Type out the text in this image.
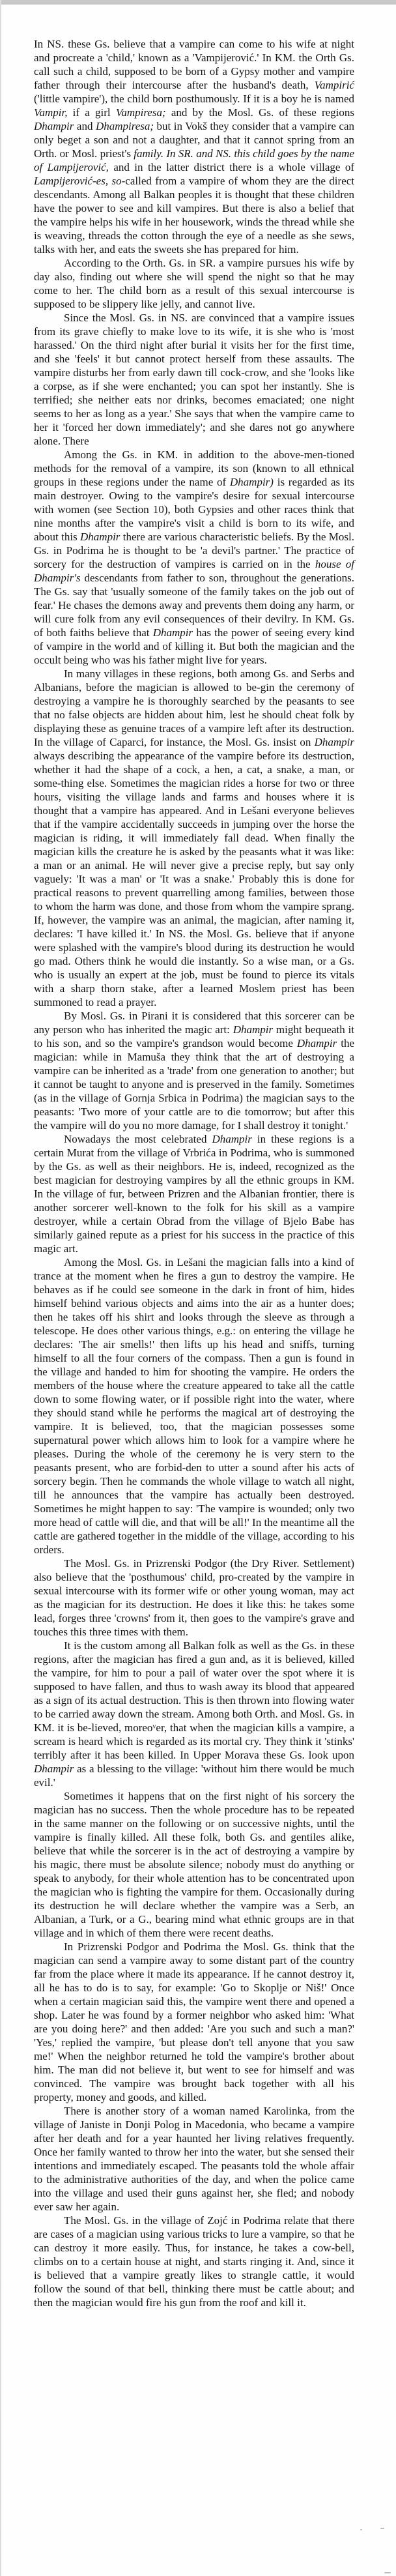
In NS. these Gs. believe that a vampire can come to his wife at night and procreate a 'child,' known as a 'Vampijerović.' In KM. the Orth Gs. call such a child, supposed to be born of a Gypsy mother and vampire father through their intercourse after the husband's death, Vampirić ('little vampire'), the child born posthumously. If it is a boy he is named Vampir, if a girl Vampiresa; and by the Mosl. Gs. of these regions Dhampir and Dhampiresa; but in Vokš they consider that a vampire can only beget a son and not a daughter, and that it cannot spring from an Orth. or Mosl. priest's family. In SR. and NS. this child goes by the name of Lampijerović, and in the latter district there is a whole village of Lampijerović-es, so-called from a vampire of whom they are the direct descendants. Among all Balkan peoples it is thought that these children have the power to see and kill vampires. But there is also a belief that the vampire helps his wife in her housework, winds the thread while she is weaving, threads the cotton through the eye of a needle as she sews, talks with her, and eats the sweets she has prepared for him.

According to the Orth. Gs. in SR. a vampire pursues his wife by day also, finding out where she will spend the night so that he may come to her. The child born as a result of this sexual intercourse is supposed to be slippery like jelly, and cannot live.

Since the Mosl. Gs. in NS. are convinced that a vampire issues from its grave chiefly to make love to its wife, it is she who is 'most harassed.' On the third night after burial it visits her for the first time, and she 'feels' it but cannot protect herself from these assaults. The vampire disturbs her from early dawn till cock-crow, and she 'looks like a corpse, as if she were enchanted; you can spot her instantly. She is terrified; she neither eats nor drinks, becomes emaciated; one night seems to her as long as a year.' She says that when the vampire came to her it 'forced her down immediately'; and she dares not go anywhere alone. There

Among the Gs. in KM. in addition to the above-men-tioned methods for the removal of a vampire, its son (known to all ethnical groups in these regions under the name of Dhampir) is regarded as its main destroyer. Owing to the vampire's desire for sexual intercourse with women (see Section 10), both Gypsies and other races think that nine months after the vampire's visit a child is born to its wife, and about this Dhampir there are various characteristic beliefs. By the Mosl. Gs. in Podrima he is thought to be 'a devil's partner.' The practice of sorcery for the destruction of vampires is carried on in the house of Dhampir's descendants from father to son, throughout the generations. The Gs. say that 'usually someone of the family takes on the job out of fear.' He chases the demons away and prevents them doing any harm, or will cure folk from any evil consequences of their devilry. In KM. Gs. of both faiths believe that Dhampir has the power of seeing every kind of vampire in the world and of killing it. But both the magician and the occult being who was his father might live for years.

In many villages in these regions, both among Gs. and Serbs and Albanians, before the magician is allowed to be-gin the ceremony of destroying a vampire he is thoroughly searched by the peasants to see that no false objects are hidden about him, lest he should cheat folk by displaying these as genuine traces of a vampire left after its destruction. In the village of Caparci, for instance, the Mosl. Gs. insist on Dhampir always describing the appearance of the vampire before its destruction, whether it had the shape of a cock, a hen, a cat, a snake, a man, or some-thing else. Sometimes the magician rides a horse for two or three hours, visiting the village lands and farms and houses where it is thought that a vampire has appeared. And in Lešani everyone believes that if the vampire accidentally succeeds in jumping over the horse the magician is riding, it will immediately fall dead. When finally the magician kills the creature he is asked by the peasants what it was like: a man or an animal. He will never give a precise reply, but say only vaguely: 'It was a man' or 'It was a snake.' Probably this is done for practical reasons to prevent quarrelling among families, between those to whom the harm was done, and those from whom the vampire sprang. If, however, the vampire was an animal, the magician, after naming it, declares: 'I have killed it.' In NS. the Mosl. Gs. believe that if anyone were splashed with the vampire's blood during its destruction he would go mad. Others think he would die instantly. So a wise man, or a Gs. who is usually an expert at the job, must be found to pierce its vitals with a sharp thorn stake, after a learned Moslem priest has been summoned to read a prayer.

By Mosl. Gs. in Pirani it is considered that this sorcerer can be any person who has inherited the magic art: Dhampir might bequeath it to his son, and so the vampire's grandson would become Dhampir the magician: while in Mamuša they think that the art of destroying a vampire can be inherited as a 'trade' from one generation to another; but it cannot be taught to anyone and is preserved in the family. Sometimes (as in the village of Gornja Srbica in Podrima) the magician says to the peasants: 'Two more of your cattle are to die tomorrow; but after this the vampire will do you no more damage, for I shall destroy it tonight.'

Nowadays the most celebrated Dhampir in these regions is a certain Murat from the village of Vrbrića in Podrima, who is summoned by the Gs. as well as their neighbors. He is, indeed, recognized as the best magician for destroying vampires by all the ethnic groups in KM. In the village of fur, between Prizren and the Albanian frontier, there is another sorcerer well-known to the folk for his skill as a vampire destroyer, while a certain Obrad from the village of Bjelo Babe has similarly gained repute as a priest for his success in the practice of this magic art.

Among the Mosl. Gs. in Lešani the magician falls into a kind of trance at the moment when he fires a gun to destroy the vampire. He behaves as if he could see someone in the dark in front of him, hides himself behind various objects and aims into the air as a hunter does; then he takes off his shirt and looks through the sleeve as through a telescope. He does other various things, e.g.: on entering the village he declares: 'The air smells!' then lifts up his head and sniffs, turning himself to all the four corners of the compass. Then a gun is found in the village and handed to him for shooting the vampire. He orders the members of the house where the creature appeared to take all the cattle down to some flowing water, or if possible right into the water, where they should stand while he performs the magical art of destroying the vampire. It is believed, too, that the magician possesses some supernatural power which allows him to look for a vampire where he pleases. During the whole of the ceremony he is very stern to the peasants present, who are forbid-den to utter a sound after his acts of sorcery begin. Then he commands the whole village to watch all night, till he announces that the vampire has actually been destroyed. Sometimes he might happen to say: 'The vampire is wounded; only two more head of cattle will die, and that will be all!' In the meantime all the cattle are gathered together in the middle of the village, according to his orders.

The Mosl. Gs. in Prizrenski Podgor (the Dry River. Settlement) also believe that the 'posthumous' child, pro-created by the vampire in sexual intercourse with its former wife or other young woman, may act as the magician for its destruction. He does it like this: he takes some lead, forges three 'crowns' from it, then goes to the vampire's grave and touches this three times with them.

It is the custom among all Balkan folk as well as the Gs. in these regions, after the magician has fired a gun and, as it is believed, killed the vampire, for him to pour a pail of water over the spot where it is supposed to have fallen, and thus to wash away its blood that appeared as a sign of its actual destruction. This is then thrown into flowing water to be carried away down the stream. Among both Orth. and Mosl. Gs. in KM. it is be-lieved, moreoᵛer, that when the magician kills a vampire, a scream is heard which is regarded as its mortal cry. They think it 'stinks' terribly after it has been killed. In Upper Morava these Gs. look upon Dhampir as a blessing to the village: 'without him there would be much evil.'

Sometimes it happens that on the first night of his sorcery the magician has no success. Then the whole procedure has to be repeated in the same manner on the following or on successive nights, until the vampire is finally killed. All these folk, both Gs. and gentiles alike, believe that while the sorcerer is in the act of destroying a vampire by his magic, there must be absolute silence; nobody must do anything or speak to anybody, for their whole attention has to be concentrated upon the magician who is fighting the vampire for them. Occasionally during its destruction he will declare whether the vampire was a Serb, an Albanian, a Turk, or a G., bearing mind what ethnic groups are in that village and in which of them there were recent deaths.

In Prizrenski Podgor and Podrima the Mosl. Gs. think that the magician can send a vampire away to some distant part of the country far from the place where it made its appearance. If he cannot destroy it, all he has to do is to say, for example: 'Go to Skoplje or Niš!' Once when a certain magician said this, the vampire went there and opened a shop. Later he was found by a former neighbor who asked him: 'What are you doing here?' and then added: 'Are you such and such a man?' 'Yes,' replied the vampire, 'but please don't tell anyone that you saw me!' When the neighbor returned he told the vampire's brother about him. The man did not believe it, but went to see for himself and was convinced. The vampire was brought back together with all his property, money and goods, and killed.

There is another story of a woman named Karolinka, from the village of Janiste in Donji Polog in Macedonia, who became a vampire after her death and for a year haunted her living relatives frequently. Once her family wanted to throw her into the water, but she sensed their intentions and immediately escaped. The peasants told the whole affair to the administrative authorities of the day, and when the police came into the village and used their guns against her, she fled; and nobody ever saw her again.

The Mosl. Gs. in the village of Zojć in Podrima relate that there are cases of a magician using various tricks to lure a vampire, so that he can destroy it more easily. Thus, for instance, he takes a cow-bell, climbs on to a certain house at night, and starts ringing it. And, since it is believed that a vampire greatly likes to strangle cattle, it would follow the sound of that bell, thinking there must be cattle about; and then the magician would fire his gun from the roof and kill it.
